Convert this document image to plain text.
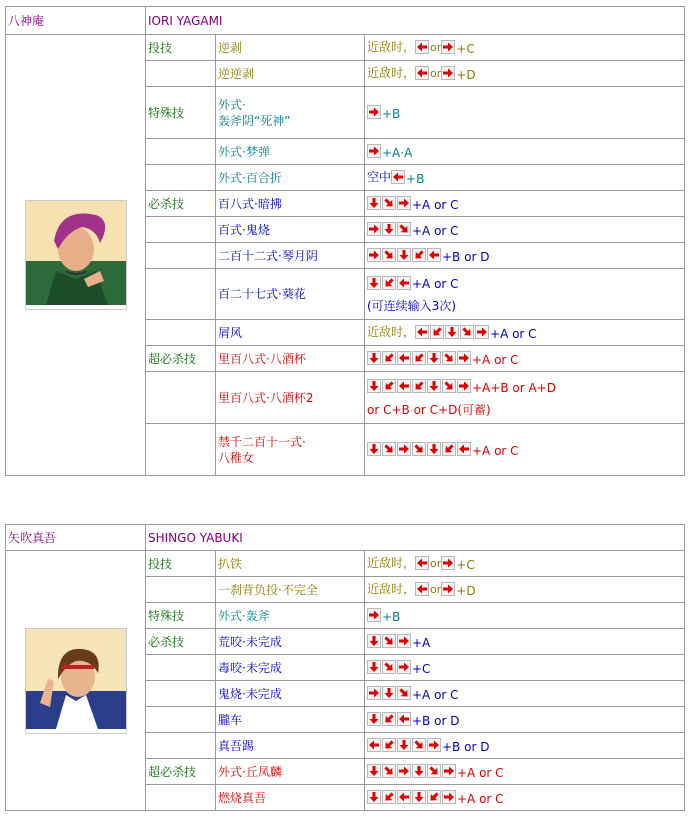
八神庵	IORI YAGAMI		
	投技	逆剥	近敌时， or +C

		逆逆剥	近敌时， or +D

	特殊技	外式·
轰斧阴“死神”	+B

		外式·梦弹	+A·A

		外式·百合折	空中 +B

	必杀技	百八式·暗拂	+A or C

		百式·鬼烧	+A or C

		二百十二式·琴月阴	+B or D

		百二十七式·葵花	+A or C
(可连续输入3次)

		屑风	近敌时， +A or C

	超必杀技	里百八式·八酒杯	+A or C

		里百八式·八酒杯2	+A+B or A+D
or C+B or C+D(可蓄)

		禁千二百十一式·
八稚女	+A or C
矢吹真吾	SHINGO YABUKI		
	投技	扒铁	近敌时， or +C

		一刹背负投·不完全	近敌时， or +D

	特殊技	外式·轰斧	+B

	必杀技	荒咬·未完成	+A

		毒咬·未完成	+C

		鬼烧·未完成	+A or C

		朧车	+B or D

		真吾踢	+B or D

	超必杀技	外式·丘凤麟	+A or C

		燃烧真吾	+A or C
